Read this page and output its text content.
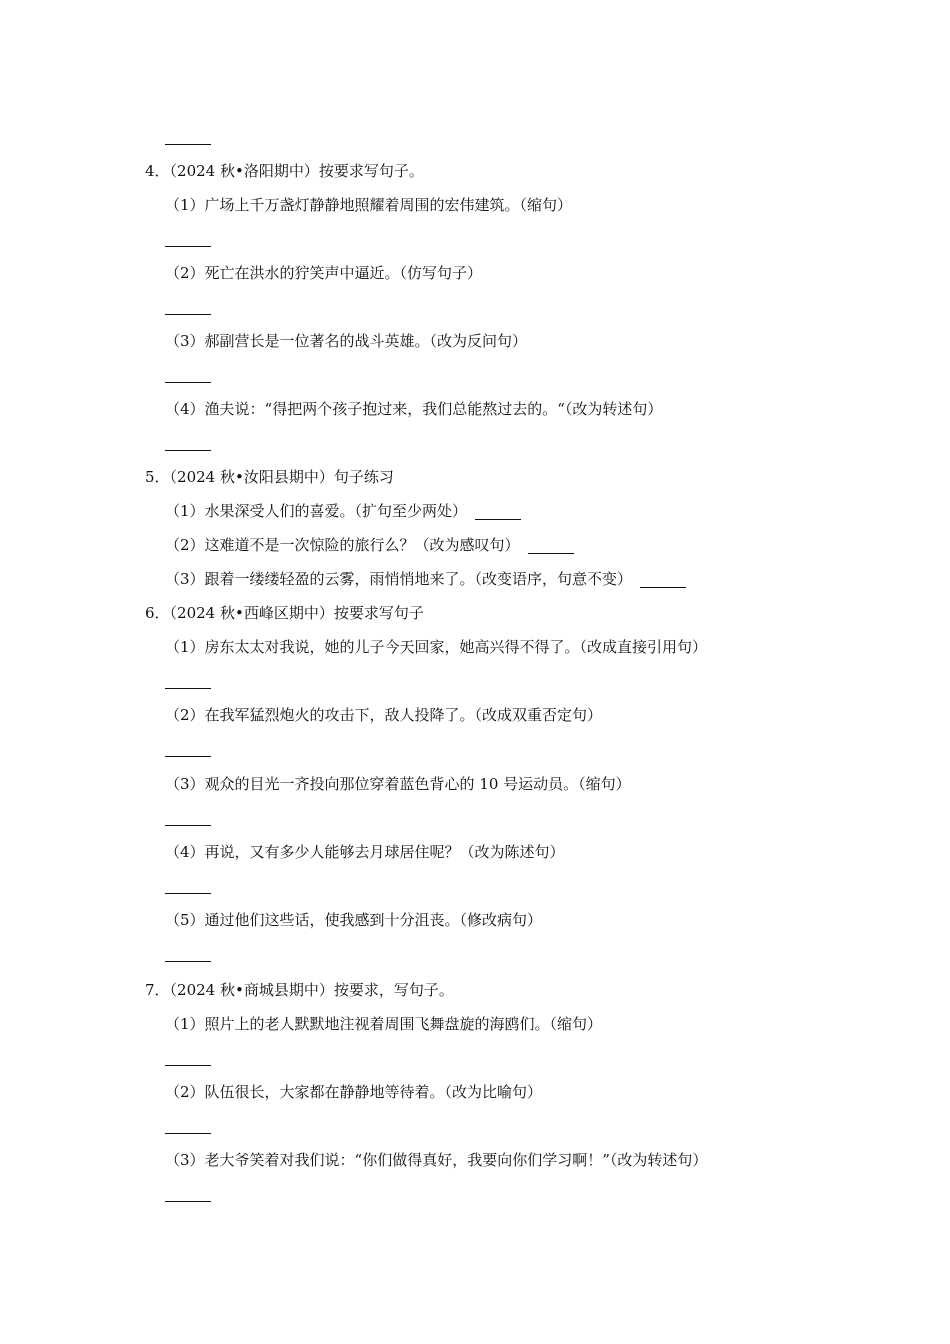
4．（2024 秋•洛阳期中）按要求写句子。
（1）广场上千万盏灯静静地照耀着周围的宏伟建筑。（缩句）
（2）死亡在洪水的狞笑声中逼近。（仿写句子）
（3）郝副营长是一位著名的战斗英雄。（改为反问句）
（4）渔夫说：“得把两个孩子抱过来，我们总能熬过去的。“（改为转述句）
5．（2024 秋•汝阳县期中）句子练习
（1）水果深受人们的喜爱。（扩句至少两处）
（2）这难道不是一次惊险的旅行么？（改为感叹句）
（3）跟着一缕缕轻盈的云雾，雨悄悄地来了。（改变语序，句意不变）
6．（2024 秋•西峰区期中）按要求写句子
（1）房东太太对我说，她的儿子今天回家，她高兴得不得了。（改成直接引用句）
（2）在我军猛烈炮火的攻击下，敌人投降了。（改成双重否定句）
（3）观众的目光一齐投向那位穿着蓝色背心的 10 号运动员。（缩句）
（4）再说，又有多少人能够去月球居住呢？（改为陈述句）
（5）通过他们这些话，使我感到十分沮丧。（修改病句）
7．（2024 秋•商城县期中）按要求，写句子。
（1）照片上的老人默默地注视着周围飞舞盘旋的海鸥们。（缩句）
（2）队伍很长，大家都在静静地等待着。（改为比喻句）
（3）老大爷笑着对我们说：“你们做得真好，我要向你们学习啊！”（改为转述句）
